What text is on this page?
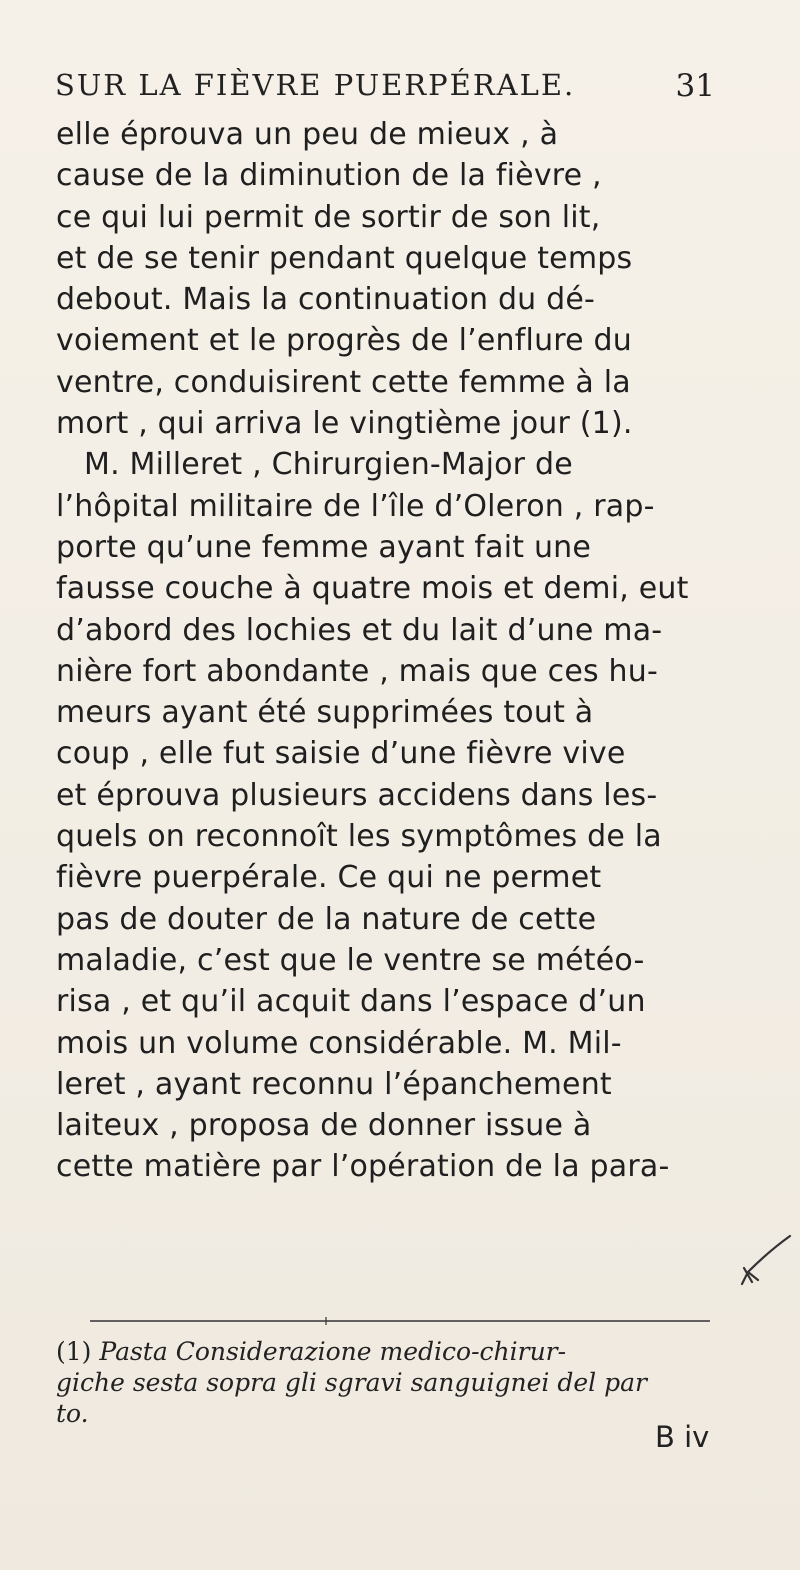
SUR LA FIÈVRE PUERPÉRALE.	31
elle éprouva un peu de mieux , à
cause de la diminution de la fièvre ,
ce qui lui permit de sortir de son lit,
et de se tenir pendant quelque temps
debout. Mais la continuation du dé-
voiement et le progrès de l’enflure du
ventre, conduisirent cette femme à la
mort , qui arriva le vingtième jour (1).
M. Milleret , Chirurgien-Major de
l’hôpital militaire de l’île d’Oleron , rap-
porte qu’une femme ayant fait une
fausse couche à quatre mois et demi, eut
d’abord des lochies et du lait d’une ma-
nière fort abondante , mais que ces hu-
meurs ayant été supprimées tout à
coup , elle fut saisie d’une fièvre vive
et éprouva plusieurs accidens dans les-
quels on reconnoît les symptômes de la
fièvre puerpérale. Ce qui ne permet
pas de douter de la nature de cette
maladie, c’est que le ventre se météo-
risa , et qu’il acquit dans l’espace d’un
mois un volume considérable. M. Mil-
leret , ayant reconnu l’épanchement
laiteux , proposa de donner issue à
cette matière par l’opération de la para-
(1) Pasta Considerazione medico-chirur-
giche sesta sopra gli sgravi sanguignei del par
to.
B iv
